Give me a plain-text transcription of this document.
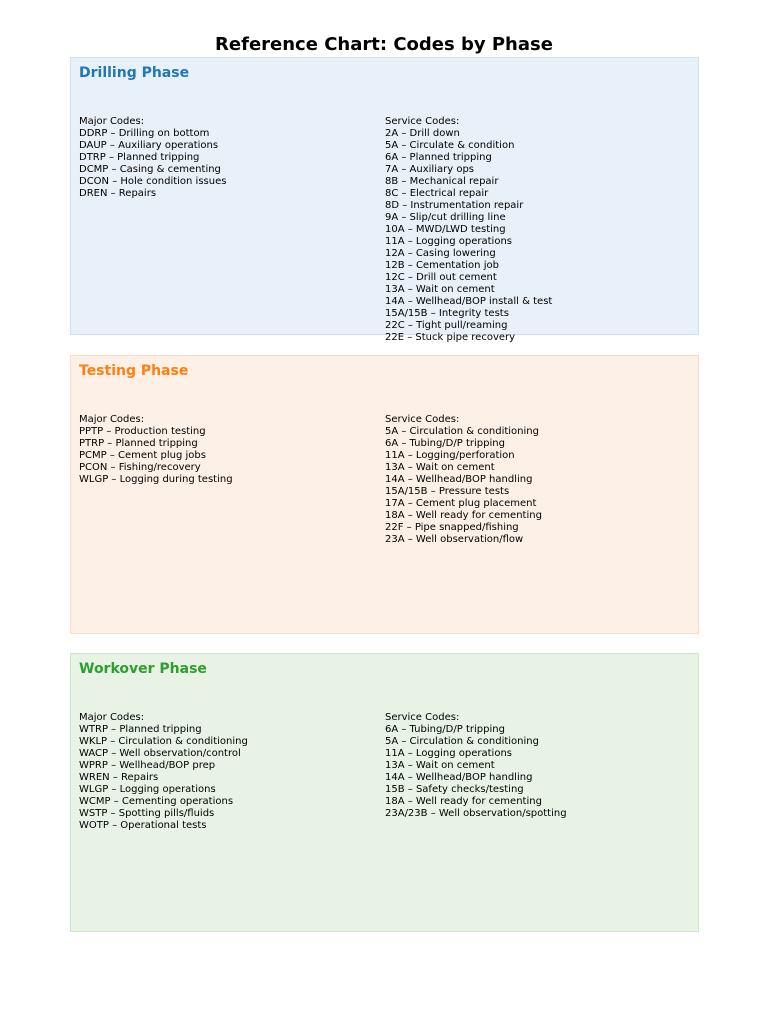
Reference Chart: Codes by Phase
Drilling Phase
Major Codes:
DDRP – Drilling on bottom
DAUP – Auxiliary operations
DTRP – Planned tripping
DCMP – Casing & cementing
DCON – Hole condition issues
DREN – Repairs
Service Codes:
2A – Drill down
5A – Circulate & condition
6A – Planned tripping
7A – Auxiliary ops
8B – Mechanical repair
8C – Electrical repair
8D – Instrumentation repair
9A – Slip/cut drilling line
10A – MWD/LWD testing
11A – Logging operations
12A – Casing lowering
12B – Cementation job
12C – Drill out cement
13A – Wait on cement
14A – Wellhead/BOP install & test
15A/15B – Integrity tests
22C – Tight pull/reaming
22E – Stuck pipe recovery
Testing Phase
Major Codes:
PPTP – Production testing
PTRP – Planned tripping
PCMP – Cement plug jobs
PCON – Fishing/recovery
WLGP – Logging during testing
Service Codes:
5A – Circulation & conditioning
6A – Tubing/D/P tripping
11A – Logging/perforation
13A – Wait on cement
14A – Wellhead/BOP handling
15A/15B – Pressure tests
17A – Cement plug placement
18A – Well ready for cementing
22F – Pipe snapped/fishing
23A – Well observation/flow
Workover Phase
Major Codes:
WTRP – Planned tripping
WKLP – Circulation & conditioning
WACP – Well observation/control
WPRP – Wellhead/BOP prep
WREN – Repairs
WLGP – Logging operations
WCMP – Cementing operations
WSTP – Spotting pills/fluids
WOTP – Operational tests
Service Codes:
6A – Tubing/D/P tripping
5A – Circulation & conditioning
11A – Logging operations
13A – Wait on cement
14A – Wellhead/BOP handling
15B – Safety checks/testing
18A – Well ready for cementing
23A/23B – Well observation/spotting
